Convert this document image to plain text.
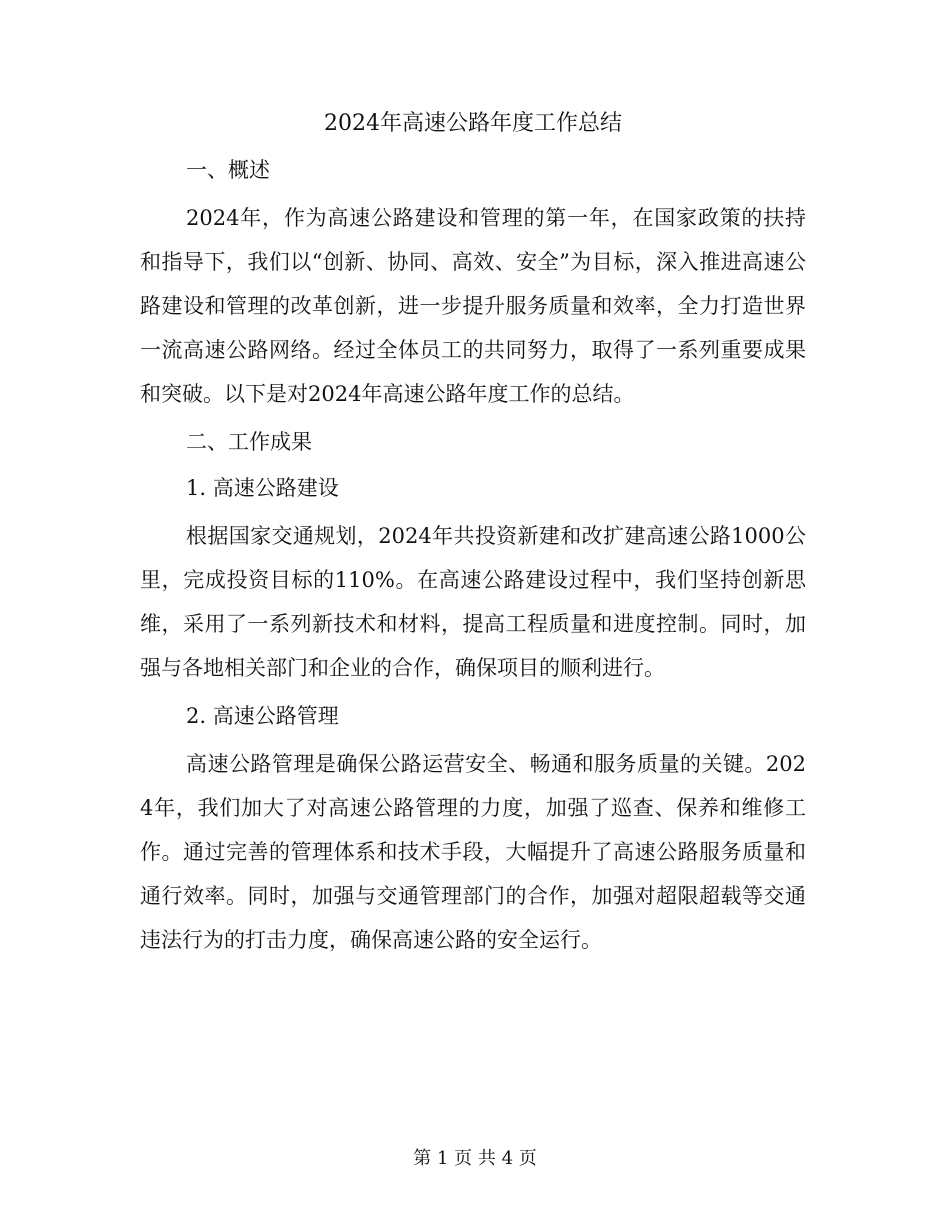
2024年高速公路年度工作总结

一、概述

2024年，作为高速公路建设和管理的第一年，在国家政策的扶持和指导下，我们以“创新、协同、高效、安全”为目标，深入推进高速公路建设和管理的改革创新，进一步提升服务质量和效率，全力打造世界一流高速公路网络。经过全体员工的共同努力，取得了一系列重要成果和突破。以下是对2024年高速公路年度工作的总结。

二、工作成果

1. 高速公路建设

根据国家交通规划，2024年共投资新建和改扩建高速公路1000公里，完成投资目标的110%。在高速公路建设过程中，我们坚持创新思维，采用了一系列新技术和材料，提高工程质量和进度控制。同时，加强与各地相关部门和企业的合作，确保项目的顺利进行。

2. 高速公路管理

高速公路管理是确保公路运营安全、畅通和服务质量的关键。2024年，我们加大了对高速公路管理的力度，加强了巡查、保养和维修工作。通过完善的管理体系和技术手段，大幅提升了高速公路服务质量和通行效率。同时，加强与交通管理部门的合作，加强对超限超载等交通违法行为的打击力度，确保高速公路的安全运行。

第 1 页 共 4 页
